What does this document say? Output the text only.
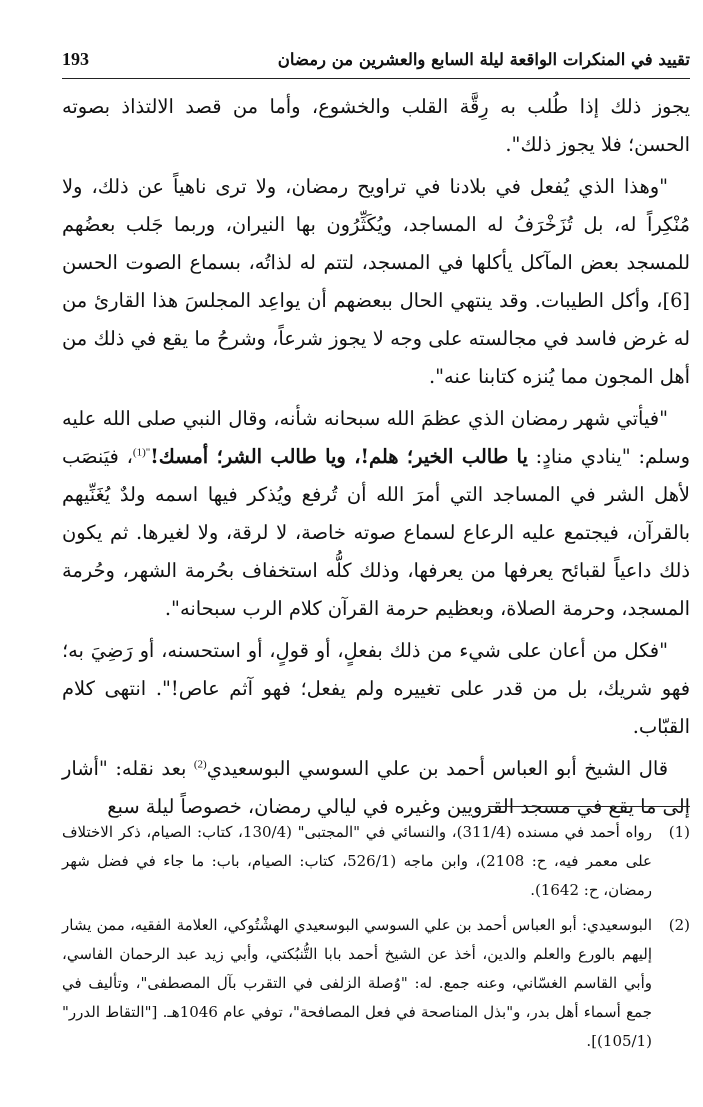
تقييد في المنكرات الواقعة ليلة السابع والعشرين من رمضان
193

يجوز ذلك إذا طُلب به رِقَّة القلب والخشوع، وأما من قصد الالتذاذ بصوته الحسن؛ فلا يجوز ذلك".

"وهذا الذي يُفعل في بلادنا في تراويح رمضان، ولا ترى ناهياً عن ذلك، ولا مُنْكِراً له، بل تُزَخْرَفُ له المساجد، ويُكَثِّرُون بها النيران، وربما جَلب بعضُهم للمسجد بعض المآكل يأكلها في المسجد، لتتم له لذاتُه، بسماع الصوت الحسن [6]، وأكل الطيبات. وقد ينتهي الحال ببعضهم أن يواعِد المجلسَ هذا القارئ من له غرض فاسد في مجالسته على وجه لا يجوز شرعاً، وشرحُ ما يقع في ذلك من أهل المجون مما يُنزه كتابنا عنه".

"فيأتي شهر رمضان الذي عظمَ الله سبحانه شأنه، وقال النبي صلى الله عليه وسلم: "ينادي منادٍ: يا طالب الخير؛ هلم!، ويا طالب الشر؛ أمسك!$^{"(1)}$، فيَنصَب لأهل الشر في المساجد التي أمرَ الله أن تُرفع ويُذكر فيها اسمه ولدٌ يُغَنِّيهم بالقرآن، فيجتمع عليه الرعاع لسماع صوته خاصة، لا لرقة، ولا لغيرها. ثم يكون ذلك داعياً لقبائح يعرفها من يعرفها، وذلك كلُّه استخفاف بحُرمة الشهر، وحُرمة المسجد، وحرمة الصلاة، وبعظيم حرمة القرآن كلام الرب سبحانه".

"فكل من أعان على شيء من ذلك بفعلٍ، أو قولٍ، أو استحسنه، أو رَضِيَ به؛ فهو شريك، بل من قدر على تغييره ولم يفعل؛ فهو آثم عاص!". انتهى كلام القبّاب.

قال الشيخ أبو العباس أحمد بن علي السوسي البوسعيدي$^{(2)}$ بعد نقله: "أشار إلى ما يقع في مسجد القرويين وغيره في ليالي رمضان، خصوصاً ليلة سبع

(1)
رواه أحمد في مسنده (311/4)، والنسائي في "المجتبى" (130/4، كتاب: الصيام، ذكر الاختلاف على معمر فيه، ح: 2108)، وابن ماجه (526/1، كتاب: الصيام، باب: ما جاء في فضل شهر رمضان، ح: 1642).
(2)
البوسعيدي: أبو العباس أحمد بن علي السوسي البوسعيدي الهشْتُوكي، العلامة الفقيه، ممن يشار إليهم بالورع والعلم والدين، أخذ عن الشيخ أحمد بابا التُّنبُكتي، وأبي زيد عبد الرحمان الفاسي، وأبي القاسم الغسّاني، وعنه جمع. له: "وُصلة الزلفى في التقرب بآل المصطفى"، وتأليف في جمع أسماء أهل بدر، و"بذل المناصحة في فعل المصافحة"، توفي عام 1046هـ. ["التقاط الدرر" (105/1)].
